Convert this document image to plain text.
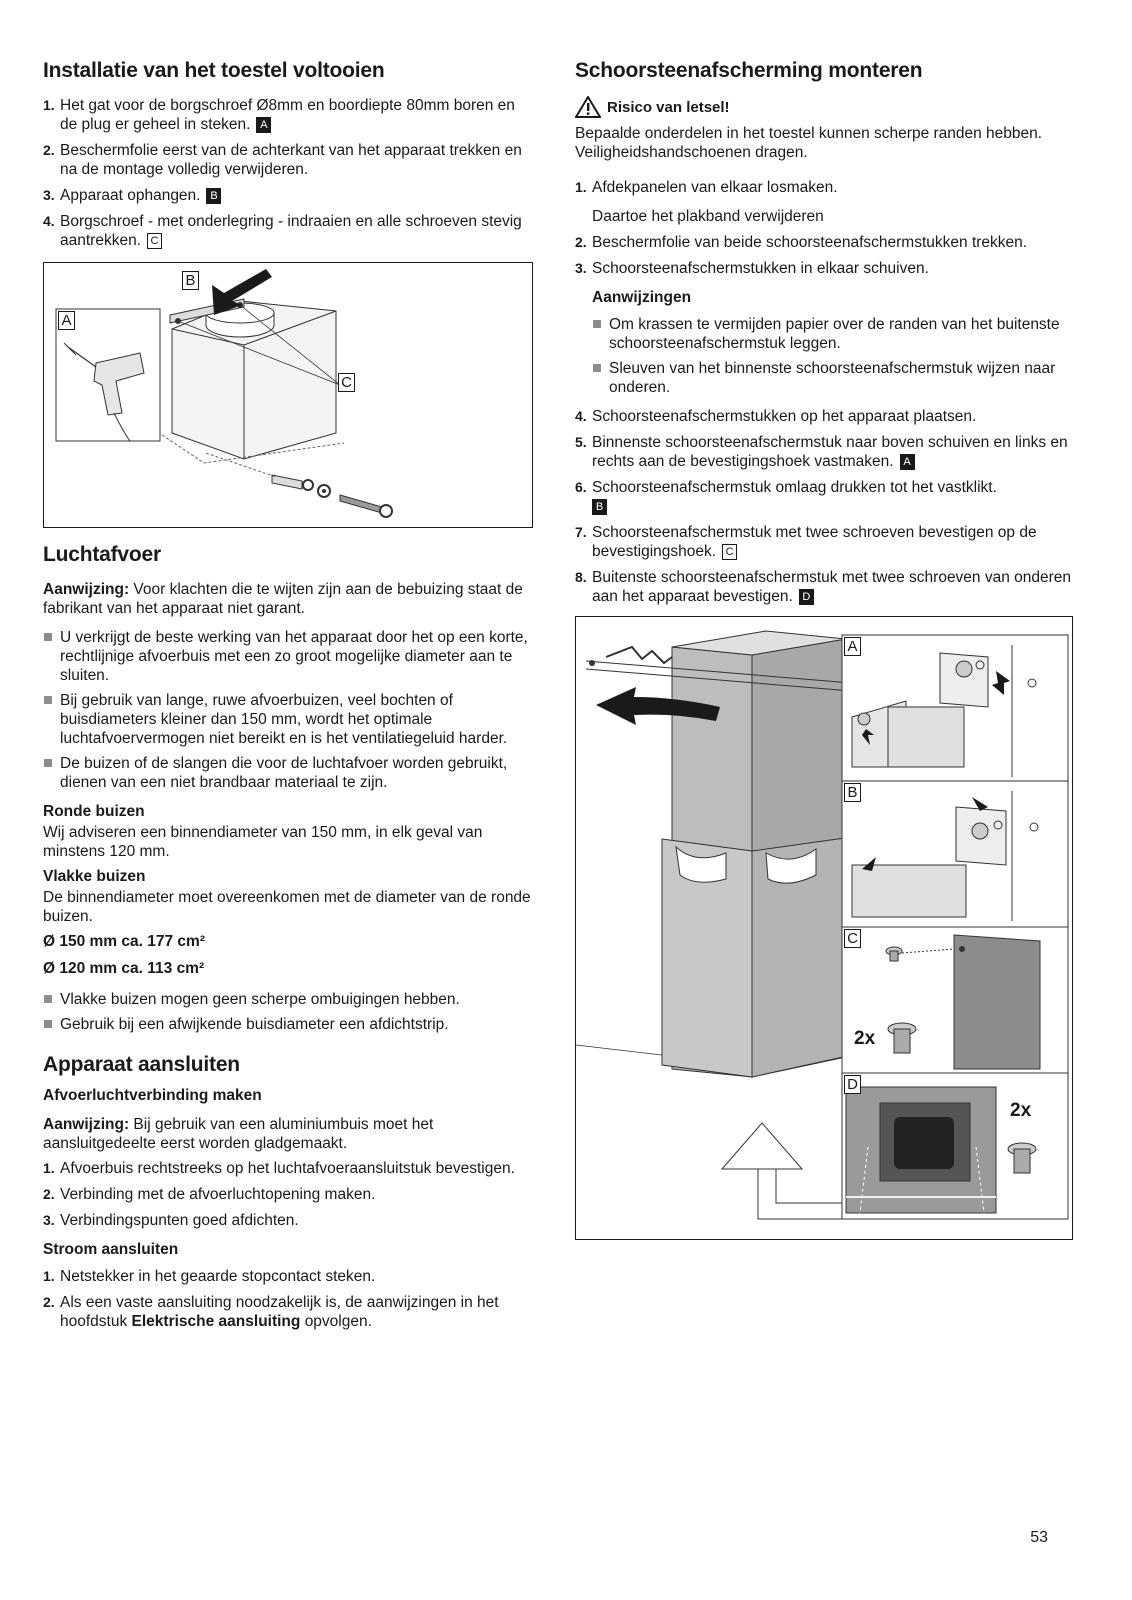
Installatie van het toestel voltooien
1. Het gat voor de borgschroef Ø8mm en boordiepte 80mm boren en de plug er geheel in steken. A
2. Beschermfolie eerst van de achterkant van het apparaat trekken en na de montage volledig verwijderen.
3. Apparaat ophangen. B
4. Borgschroef - met onderlegring - indraaien en alle schroeven stevig aantrekken. C
A
B
C
Luchtafvoer

Aanwijzing: Voor klachten die te wijten zijn aan de bebuizing staat de fabrikant van het apparaat niet garant.

U verkrijgt de beste werking van het apparaat door het op een korte, rechtlijnige afvoerbuis met een zo groot mogelijke diameter aan te sluiten.
Bij gebruik van lange, ruwe afvoerbuizen, veel bochten of buisdiameters kleiner dan 150 mm, wordt het optimale luchtafvoervermogen niet bereikt en is het ventilatiegeluid harder.
De buizen of de slangen die voor de luchtafvoer worden gebruikt, dienen van een niet brandbaar materiaal te zijn.
Ronde buizen

Wij adviseren een binnendiameter van 150 mm, in elk geval van minstens 120 mm.

Vlakke buizen

De binnendiameter moet overeenkomen met de diameter van de ronde buizen.

Ø 150 mm ca. 177 cm²

Ø 120 mm ca. 113 cm²

Vlakke buizen mogen geen scherpe ombuigingen hebben.
Gebruik bij een afwijkende buisdiameter een afdichtstrip.
Apparaat aansluiten
Afvoerluchtverbinding maken

Aanwijzing: Bij gebruik van een aluminiumbuis moet het aansluitgedeelte eerst worden gladgemaakt.

1. Afvoerbuis rechtstreeks op het luchtafvoeraansluitstuk bevestigen.
2. Verbinding met de afvoerluchtopening maken.
3. Verbindingspunten goed afdichten.
Stroom aansluiten
1. Netstekker in het geaarde stopcontact steken.
2. Als een vaste aansluiting noodzakelijk is, de aanwijzingen in het hoofdstuk Elektrische aansluiting opvolgen.
Schoorsteenafscherming monteren
Risico van letsel!

Bepaalde onderdelen in het toestel kunnen scherpe randen hebben. Veiligheidshandschoenen dragen.

1. Afdekpanelen van elkaar losmaken.

Daartoe het plakband verwijderen

2. Beschermfolie van beide schoorsteenafschermstukken trekken.
3. Schoorsteenafschermstukken in elkaar schuiven.
Aanwijzingen
Om krassen te vermijden papier over de randen van het buitenste schoorsteenafschermstuk leggen.
Sleuven van het binnenste schoorsteenafschermstuk wijzen naar onderen.
4. Schoorsteenafschermstukken op het apparaat plaatsen.
5. Binnenste schoorsteenafschermstuk naar boven schuiven en links en rechts aan de bevestigingshoek vastmaken. A
6. Schoorsteenafschermstuk omlaag drukken tot het vastklikt.
B
7. Schoorsteenafschermstuk met twee schroeven bevestigen op de bevestigingshoek. C
8. Buitenste schoorsteenafschermstuk met twee schroeven van onderen aan het apparaat bevestigen. D
A
B
C
D
2x
2x
53
